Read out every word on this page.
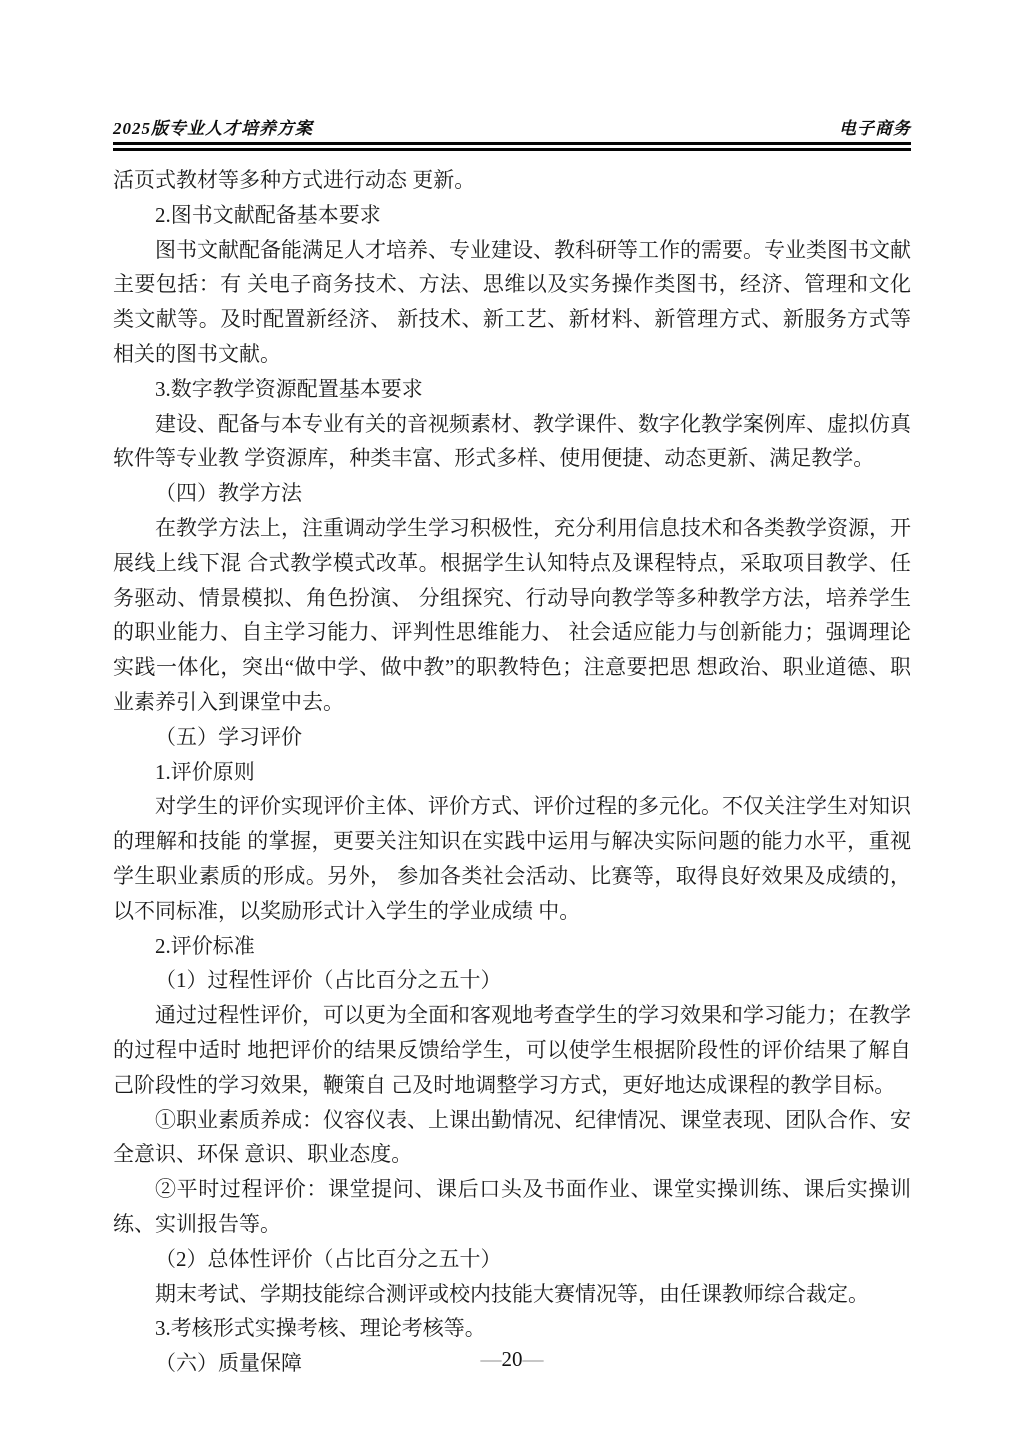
2025版专业人才培养方案	电子商务

活页式教材等多种方式进行动态 更新。

2.图书文献配备基本要求

图书文献配备能满足人才培养、专业建设、教科研等工作的需要。专业类图书文献主要包括：有 关电子商务技术、方法、思维以及实务操作类图书，经济、管理和文化类文献等。及时配置新经济、 新技术、新工艺、新材料、新管理方式、新服务方式等相关的图书文献。

3.数字教学资源配置基本要求

建设、配备与本专业有关的音视频素材、教学课件、数字化教学案例库、虚拟仿真软件等专业教 学资源库，种类丰富、形式多样、使用便捷、动态更新、满足教学。

（四）教学方法

在教学方法上，注重调动学生学习积极性，充分利用信息技术和各类教学资源，开展线上线下混 合式教学模式改革。根据学生认知特点及课程特点，采取项目教学、任务驱动、情景模拟、角色扮演、 分组探究、行动导向教学等多种教学方法，培养学生的职业能力、自主学习能力、评判性思维能力、 社会适应能力与创新能力；强调理论实践一体化，突出“做中学、做中教”的职教特色；注意要把思 想政治、职业道德、职业素养引入到课堂中去。

（五）学习评价

1.评价原则

对学生的评价实现评价主体、评价方式、评价过程的多元化。不仅关注学生对知识的理解和技能 的掌握，更要关注知识在实践中运用与解决实际问题的能力水平，重视学生职业素质的形成。另外， 参加各类社会活动、比赛等，取得良好效果及成绩的，以不同标准，以奖励形式计入学生的学业成绩 中。

2.评价标准

（1）过程性评价（占比百分之五十）

通过过程性评价，可以更为全面和客观地考查学生的学习效果和学习能力；在教学的过程中适时 地把评价的结果反馈给学生，可以使学生根据阶段性的评价结果了解自己阶段性的学习效果，鞭策自 己及时地调整学习方式，更好地达成课程的教学目标。

①职业素质养成：仪容仪表、上课出勤情况、纪律情况、课堂表现、团队合作、安全意识、环保 意识、职业态度。

②平时过程评价：课堂提问、课后口头及书面作业、课堂实操训练、课后实操训练、实训报告等。

（2）总体性评价（占比百分之五十）

期末考试、学期技能综合测评或校内技能大赛情况等，由任课教师综合裁定。

3.考核形式实操考核、理论考核等。

（六）质量保障	—20—
